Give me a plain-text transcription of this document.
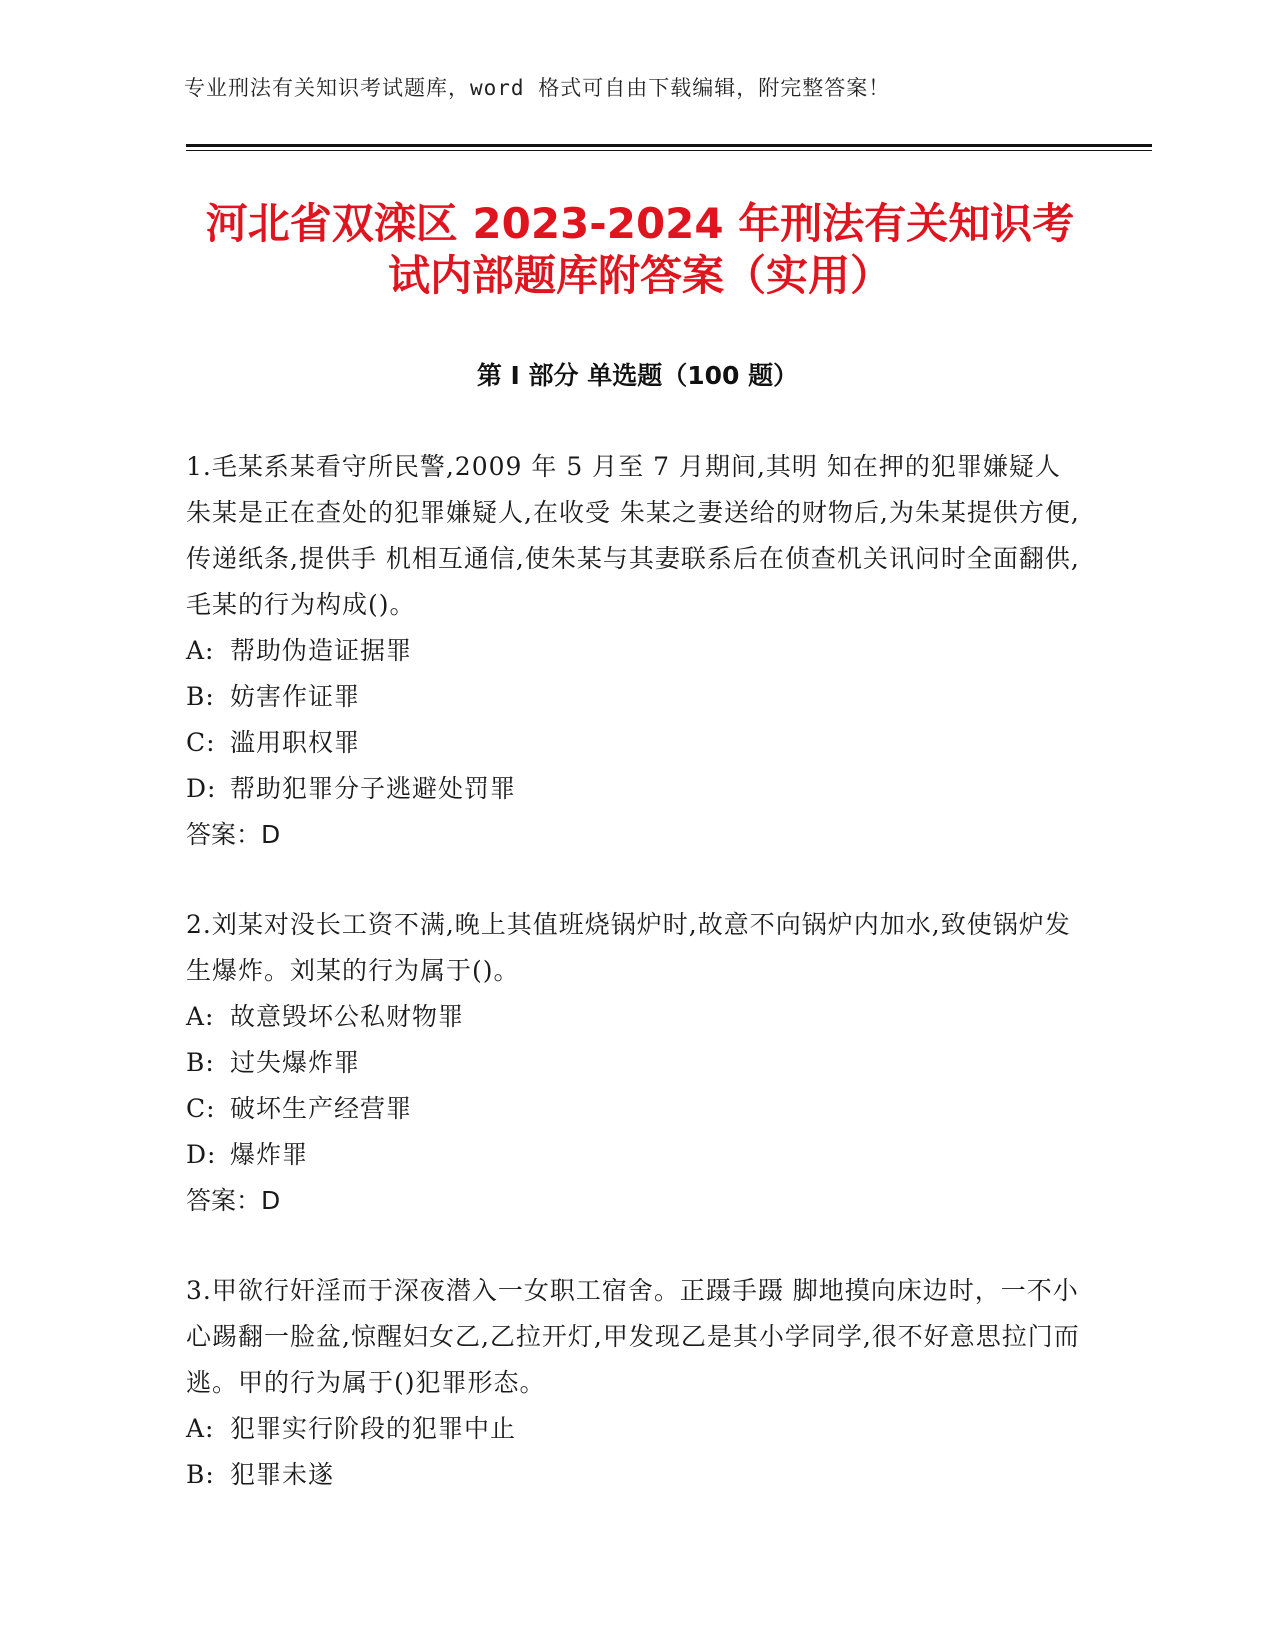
专业刑法有关知识考试题库，word 格式可自由下载编辑，附完整答案！
河北省双滦区 2023-2024 年刑法有关知识考
试内部题库附答案（实用）
第 I 部分 单选题（100 题）

1.毛某系某看守所民警,2009 年 5 月至 7 月期间,其明 知在押的犯罪嫌疑人朱某是正在查处的犯罪嫌疑人,在收受 朱某之妻送给的财物后,为朱某提供方便,传递纸条,提供手 机相互通信,使朱某与其妻联系后在侦查机关讯问时全面翻供,毛某的行为构成()。

A: 帮助伪造证据罪

B: 妨害作证罪

C: 滥用职权罪

D: 帮助犯罪分子逃避处罚罪

答案：D

2.刘某对没长工资不满,晚上其值班烧锅炉时,故意不向锅炉内加水,致使锅炉发生爆炸。刘某的行为属于()。

A: 故意毁坏公私财物罪

B: 过失爆炸罪

C: 破坏生产经营罪

D: 爆炸罪

答案：D

3.甲欲行奸淫而于深夜潜入一女职工宿舍。正蹑手蹑 脚地摸向床边时，一不小心踢翻一脸盆,惊醒妇女乙,乙拉开灯,甲发现乙是其小学同学,很不好意思拉门而逃。甲的行为属于()犯罪形态。

A: 犯罪实行阶段的犯罪中止

B: 犯罪未遂
